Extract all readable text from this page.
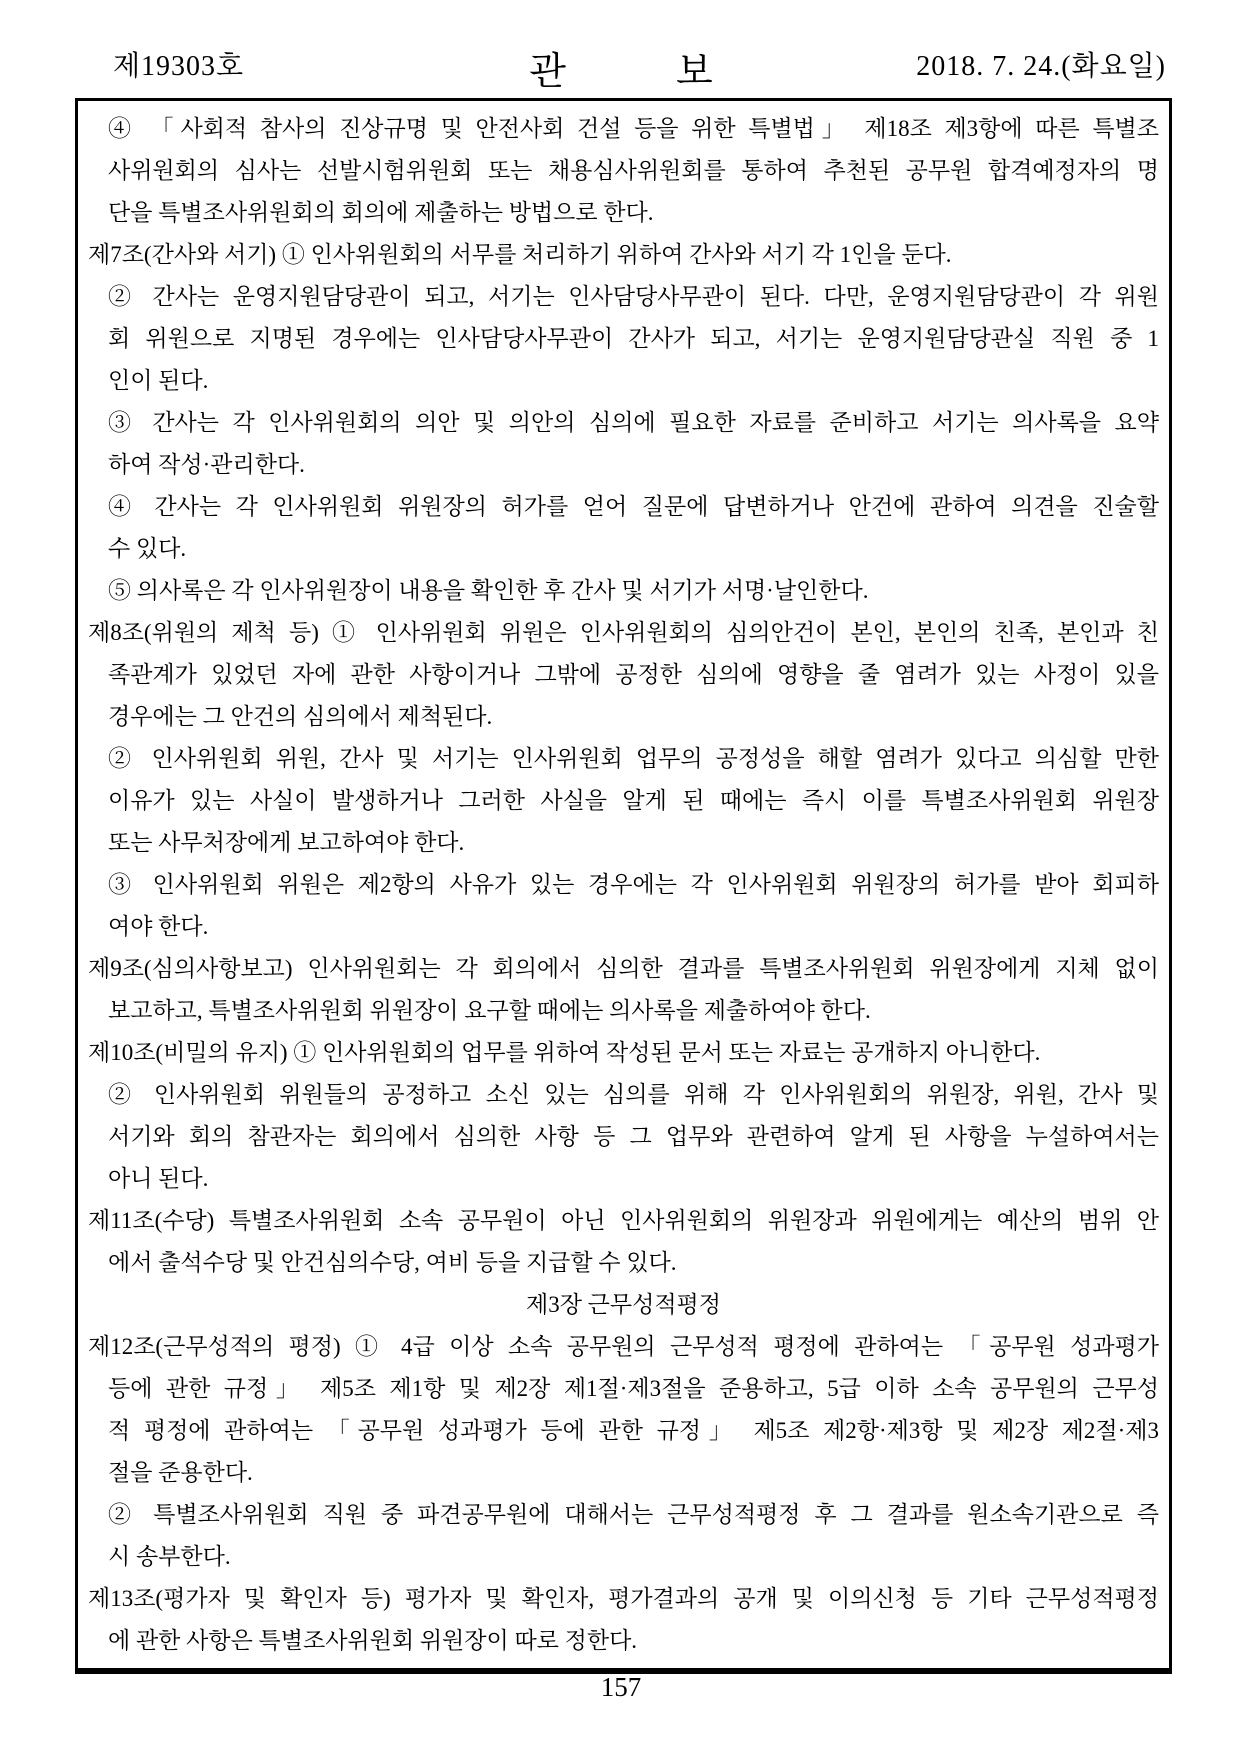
관	보
제19303호	2018. 7. 24.(화요일)
④ 「사회적 참사의 진상규명 및 안전사회 건설 등을 위한 특별법」 제18조 제3항에 따른 특별조
사위원회의 심사는 선발시험위원회 또는 채용심사위원회를 통하여 추천된 공무원 합격예정자의 명
단을 특별조사위원회의 회의에 제출하는 방법으로 한다.
제7조(간사와 서기) ① 인사위원회의 서무를 처리하기 위하여 간사와 서기 각 1인을 둔다.
② 간사는 운영지원담당관이 되고, 서기는 인사담당사무관이 된다. 다만, 운영지원담당관이 각 위원
회 위원으로 지명된 경우에는 인사담당사무관이 간사가 되고, 서기는 운영지원담당관실 직원 중 1
인이 된다.
③ 간사는 각 인사위원회의 의안 및 의안의 심의에 필요한 자료를 준비하고 서기는 의사록을 요약
하여 작성·관리한다.
④ 간사는 각 인사위원회 위원장의 허가를 얻어 질문에 답변하거나 안건에 관하여 의견을 진술할
수 있다.
⑤ 의사록은 각 인사위원장이 내용을 확인한 후 간사 및 서기가 서명·날인한다.
제8조(위원의 제척 등) ① 인사위원회 위원은 인사위원회의 심의안건이 본인, 본인의 친족, 본인과 친
족관계가 있었던 자에 관한 사항이거나 그밖에 공정한 심의에 영향을 줄 염려가 있는 사정이 있을
경우에는 그 안건의 심의에서 제척된다.
② 인사위원회 위원, 간사 및 서기는 인사위원회 업무의 공정성을 해할 염려가 있다고 의심할 만한
이유가 있는 사실이 발생하거나 그러한 사실을 알게 된 때에는 즉시 이를 특별조사위원회 위원장
또는 사무처장에게 보고하여야 한다.
③ 인사위원회 위원은 제2항의 사유가 있는 경우에는 각 인사위원회 위원장의 허가를 받아 회피하
여야 한다.
제9조(심의사항보고) 인사위원회는 각 회의에서 심의한 결과를 특별조사위원회 위원장에게 지체 없이
보고하고, 특별조사위원회 위원장이 요구할 때에는 의사록을 제출하여야 한다.
제10조(비밀의 유지) ① 인사위원회의 업무를 위하여 작성된 문서 또는 자료는 공개하지 아니한다.
② 인사위원회 위원들의 공정하고 소신 있는 심의를 위해 각 인사위원회의 위원장, 위원, 간사 및
서기와 회의 참관자는 회의에서 심의한 사항 등 그 업무와 관련하여 알게 된 사항을 누설하여서는
아니 된다.
제11조(수당) 특별조사위원회 소속 공무원이 아닌 인사위원회의 위원장과 위원에게는 예산의 범위 안
에서 출석수당 및 안건심의수당, 여비 등을 지급할 수 있다.
제3장 근무성적평정
제12조(근무성적의 평정) ① 4급 이상 소속 공무원의 근무성적 평정에 관하여는 「공무원 성과평가
등에 관한 규정」 제5조 제1항 및 제2장 제1절·제3절을 준용하고, 5급 이하 소속 공무원의 근무성
적 평정에 관하여는 「공무원 성과평가 등에 관한 규정」 제5조 제2항·제3항 및 제2장 제2절·제3
절을 준용한다.
② 특별조사위원회 직원 중 파견공무원에 대해서는 근무성적평정 후 그 결과를 원소속기관으로 즉
시 송부한다.
제13조(평가자 및 확인자 등) 평가자 및 확인자, 평가결과의 공개 및 이의신청 등 기타 근무성적평정
에 관한 사항은 특별조사위원회 위원장이 따로 정한다.
157
